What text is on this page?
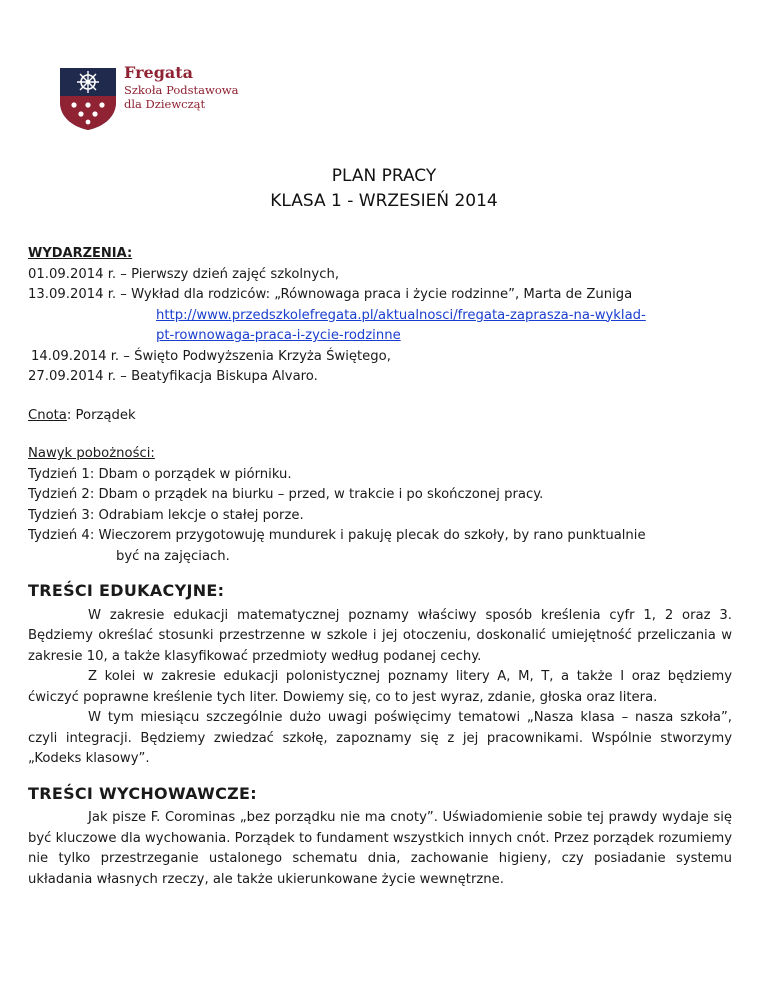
Fregata
Szkoła Podstawowa
dla Dziewcząt
PLAN PRACY
KLASA 1 - WRZESIEŃ 2014

WYDARZENIA:

01.09.2014 r. – Pierwszy dzień zajęć szkolnych,

13.09.2014 r. – Wykład dla rodziców: „Równowaga praca i życie rodzinne”, Marta de Zuniga

http://www.przedszkolefregata.pl/aktualnosci/fregata-zaprasza-na-wyklad-

pt-rownowaga-praca-i-zycie-rodzinne

14.09.2014 r. – Święto Podwyższenia Krzyża Świętego,

27.09.2014 r. – Beatyfikacja Biskupa Alvaro.

Cnota: Porządek

Nawyk pobożności:

Tydzień 1: Dbam o porządek w piórniku.

Tydzień 2: Dbam o prządek na biurku – przed, w trakcie i po skończonej pracy.

Tydzień 3: Odrabiam lekcje o stałej porze.

Tydzień 4: Wieczorem przygotowuję mundurek i pakuję plecak do szkoły, by rano punktualnie

być na zajęciach.

TREŚCI EDUKACYJNE:

W zakresie edukacji matematycznej poznamy właściwy sposób kreślenia cyfr 1, 2 oraz 3. Będziemy określać stosunki przestrzenne w szkole i jej otoczeniu, doskonalić umiejętność przeliczania w zakresie 10, a także klasyfikować przedmioty według podanej cechy.

Z kolei w zakresie edukacji polonistycznej poznamy litery A, M, T, a także I oraz będziemy ćwiczyć poprawne kreślenie tych liter. Dowiemy się, co to jest wyraz, zdanie, głoska oraz litera.

W tym miesiącu szczególnie dużo uwagi poświęcimy tematowi „Nasza klasa – nasza szkoła”, czyli integracji. Będziemy zwiedzać szkołę, zapoznamy się z jej pracownikami. Wspólnie stworzymy „Kodeks klasowy”.

TREŚCI WYCHOWAWCZE:

Jak pisze F. Corominas „bez porządku nie ma cnoty”. Uświadomienie sobie tej prawdy wydaje się być kluczowe dla wychowania. Porządek to fundament wszystkich innych cnót. Przez porządek rozumiemy nie tylko przestrzeganie ustalonego schematu dnia, zachowanie higieny, czy posiadanie systemu układania własnych rzeczy, ale także ukierunkowane życie wewnętrzne.
